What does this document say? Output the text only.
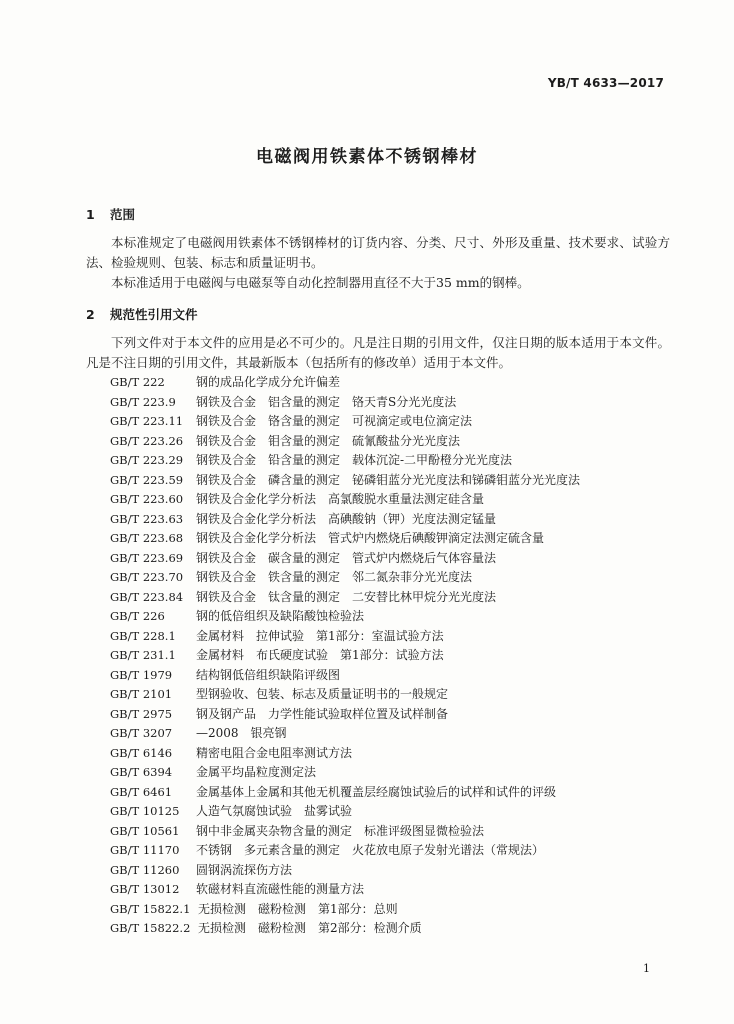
YB/T 4633—2017
电磁阀用铁素体不锈钢棒材
1 范围

本标准规定了电磁阀用铁素体不锈钢棒材的订货内容、分类、尺寸、外形及重量、技术要求、试验方法、检验规则、包装、标志和质量证明书。

本标准适用于电磁阀与电磁泵等自动化控制器用直径不大于35 mm的钢棒。

2 规范性引用文件

下列文件对于本文件的应用是必不可少的。凡是注日期的引用文件，仅注日期的版本适用于本文件。凡是不注日期的引用文件，其最新版本（包括所有的修改单）适用于本文件。

GB/T 222	钢的成品化学成分允许偏差
GB/T 223.9	钢铁及合金　铝含量的测定　铬天青S分光光度法
GB/T 223.11	钢铁及合金　铬含量的测定　可视滴定或电位滴定法
GB/T 223.26	钢铁及合金　钼含量的测定　硫氰酸盐分光光度法
GB/T 223.29	钢铁及合金　铅含量的测定　载体沉淀-二甲酚橙分光光度法
GB/T 223.59	钢铁及合金　磷含量的测定　铋磷钼蓝分光光度法和锑磷钼蓝分光光度法
GB/T 223.60	钢铁及合金化学分析法　高氯酸脱水重量法测定硅含量
GB/T 223.63	钢铁及合金化学分析法　高碘酸钠（钾）光度法测定锰量
GB/T 223.68	钢铁及合金化学分析法　管式炉内燃烧后碘酸钾滴定法测定硫含量
GB/T 223.69	钢铁及合金　碳含量的测定　管式炉内燃烧后气体容量法
GB/T 223.70	钢铁及合金　铁含量的测定　邻二氮杂菲分光光度法
GB/T 223.84	钢铁及合金　钛含量的测定　二安替比林甲烷分光光度法
GB/T 226	钢的低倍组织及缺陷酸蚀检验法
GB/T 228.1	金属材料　拉伸试验　第1部分：室温试验方法
GB/T 231.1	金属材料　布氏硬度试验　第1部分：试验方法
GB/T 1979	结构钢低倍组织缺陷评级图
GB/T 2101	型钢验收、包装、标志及质量证明书的一般规定
GB/T 2975	钢及钢产品　力学性能试验取样位置及试样制备
GB/T 3207	—2008　银亮钢
GB/T 6146	精密电阻合金电阻率测试方法
GB/T 6394	金属平均晶粒度测定法
GB/T 6461	金属基体上金属和其他无机覆盖层经腐蚀试验后的试样和试件的评级
GB/T 10125	人造气氛腐蚀试验　盐雾试验
GB/T 10561	钢中非金属夹杂物含量的测定　标准评级图显微检验法
GB/T 11170	不锈钢　多元素含量的测定　火花放电原子发射光谱法（常规法）
GB/T 11260	圆钢涡流探伤方法
GB/T 13012	软磁材料直流磁性能的测量方法
GB/T 15822.1 无损检测　磁粉检测　第1部分：总则
GB/T 15822.2 无损检测　磁粉检测　第2部分：检测介质
1
